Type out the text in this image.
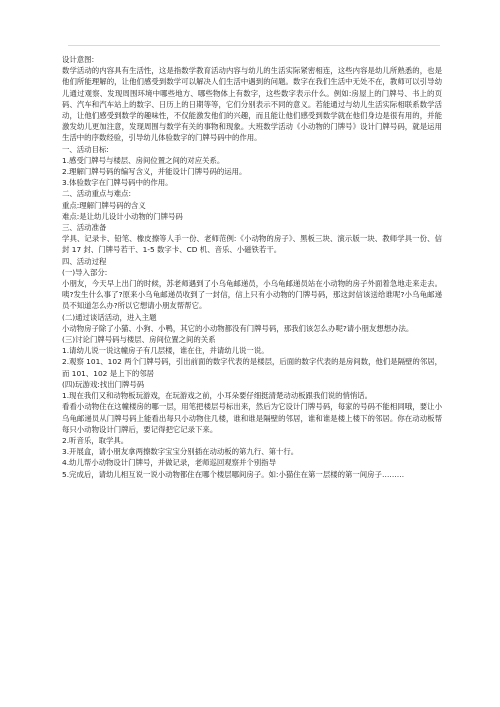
设计意图:

数学活动的内容具有生活性，这是指数学教育活动内容与幼儿的生活实际紧密相连，这些内容是幼儿所熟悉的，也是他们所能理解的，让他们感受到数学可以解决人们生活中遇到的问题。数字在我们生活中无处不在，教师可以引导幼儿通过观察、发现周围环境中哪些地方、哪些物体上有数字，这些数字表示什么。例如:房屋上的门牌号、书上的页码、汽车和汽车站上的数字、日历上的日期等等，它们分别表示不同的意义。若能通过与幼儿生活实际相联系数学活动，让他们感受到数学的趣味性，不仅能激发他们的兴趣，而且能让他们感受到数学就在他们身边是很有用的，并能激发幼儿更加注意，发现周围与数学有关的事物和现象。大班数学活动《小动物的门牌号》设计门牌号码，就是运用生活中的序数经验，引导幼儿体验数字的门牌号码中的作用。

一、活动目标:

1.感受门牌号与楼层、房间位置之间的对应关系。

2.理解门牌号码的编写含义，并能设计门牌号码的运用。

3.体验数字在门牌号码中的作用。

二、活动重点与难点:

重点:理解门牌号码的含义

难点:是让幼儿设计小动物的门牌号码

三、活动准备

学具、记录卡、铅笔、橡皮擦等人手一份、老师范例:《小动物的房子》、黑板三块、演示版一块、教师学具一份、信封 17 封、门牌号若干、1-5 数字卡、CD 机、音乐、小磁铁若干。

四、活动过程

(一)导入部分:

小朋友，今天早上出门的时候，苏老师遇到了小乌龟邮递员，小乌龟邮递员站在小动物的房子外面着急地走来走去。咦?发生什么事了?原来小乌龟邮递员收到了一封信，信上只有小动物的门牌号码，那这封信该送给谁呢?小乌龟邮递员不知道怎么办?所以它想请小朋友帮帮它。

(二)通过谈话活动，进入主题

小动物房子除了小猫、小狗、小鸭，其它的小动物都没有门牌号码，那我们该怎么办呢?请小朋友想想办法。

(三)讨论门牌号码与楼层、房间位置之间的关系

1.请幼儿说一说这幢房子有几层楼，谁在住，并请幼儿说一说。

2.观察 101、102 两个门牌号码，引出前面的数字代表的是楼层，后面的数字代表的是房间数，他们是隔壁的邻居，而 101、102 是上下的邻居

(四)玩游戏:找出门牌号码

1.现在我们又和动物板玩游戏，在玩游戏之前，小耳朵要仔细挺清楚动动板跟我们说的悄悄话。

看看小动物住在这幢楼房的哪一层，用笔把楼层号标出来，然后为它设计门牌号码，每家的号码不能相同哦，要让小乌龟邮递员从门牌号码上能看出每只小动物住几楼，谁和谁是隔壁的邻居，谁和谁是楼上楼下的邻居。你在动动板帮每只小动物设计门牌后，要记得把它记录下来。

2.听音乐，取学具。

3.开展盒，请小朋友拿两擦数字宝宝分别插在动动板的第九行、第十行。

4.幼儿帮小动物设计门牌号，并做记录，老师巡回观察并个别指导

5.完成后，请幼儿相互说一说小动物都住在哪个楼层哪间房子。如:小猫住在第一层楼的第一间房子………
